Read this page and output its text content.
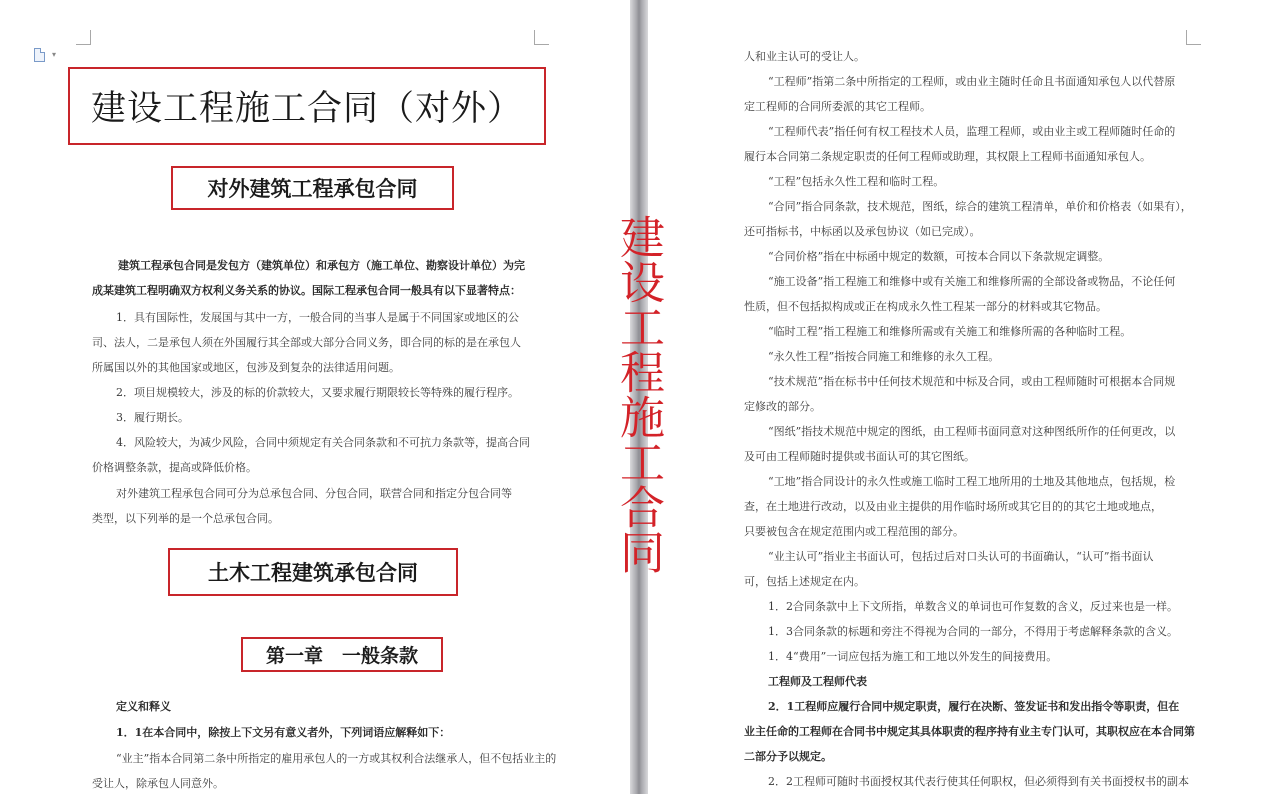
▾
建设工程施工合同（对外）
对外建筑工程承包合同
建筑工程承包合同是发包方（建筑单位）和承包方（施工单位、勘察设计单位）为完
成某建筑工程明确双方权利义务关系的协议。国际工程承包合同一般具有以下显著特点：
1．具有国际性，发展国与其中一方，一般合同的当事人是属于不同国家或地区的公
司、法人，二是承包人须在外国履行其全部或大部分合同义务，即合同的标的是在承包人
所属国以外的其他国家或地区，包涉及到复杂的法律适用问题。
2．项目规模较大，涉及的标的价款较大，又要求履行期限较长等特殊的履行程序。
3．履行期长。
4．风险较大，为减少风险，合同中须规定有关合同条款和不可抗力条款等，提高合同
价格调整条款，提高或降低价格。
对外建筑工程承包合同可分为总承包合同、分包合同，联营合同和指定分包合同等
类型，以下列举的是一个总承包合同。
土木工程建筑承包合同
第一章　一般条款
定义和释义
1．1在本合同中，除按上下文另有意义者外，下列词语应解释如下：
“业主”指本合同第二条中所指定的雇用承包人的一方或其权利合法继承人，但不包括业主的
受让人，除承包人同意外。
人和业主认可的受让人。
“工程师”指第二条中所指定的工程师，或由业主随时任命且书面通知承包人以代替原
定工程师的合同所委派的其它工程师。
“工程师代表”指任何有权工程技术人员，监理工程师，或由业主或工程师随时任命的
履行本合同第二条规定职责的任何工程师或助理，其权限上工程师书面通知承包人。
“工程”包括永久性工程和临时工程。
“合同”指合同条款，技术规范，图纸，综合的建筑工程清单，单价和价格表（如果有），
还可指标书，中标函以及承包协议（如已完成）。
“合同价格”指在中标函中规定的数额，可按本合同以下条款规定调整。
“施工设备”指工程施工和维修中或有关施工和维修所需的全部设备或物品，不论任何
性质，但不包括拟构成或正在构成永久性工程某一部分的材料或其它物品。
“临时工程”指工程施工和维修所需或有关施工和维修所需的各种临时工程。
“永久性工程”指按合同施工和维修的永久工程。
“技术规范”指在标书中任何技术规范和中标及合同，或由工程师随时可根据本合同规
定修改的部分。
“图纸”指技术规范中规定的图纸，由工程师书面同意对这种图纸所作的任何更改，以
及可由工程师随时提供或书面认可的其它图纸。
“工地”指合同设计的永久性或施工临时工程工地所用的土地及其他地点，包括规，检
查，在土地进行改动，以及由业主提供的用作临时场所或其它目的的其它土地或地点，
只要被包含在规定范围内或工程范围的部分。
“业主认可”指业主书面认可，包括过后对口头认可的书面确认，“认可”指书面认
可，包括上述规定在内。
1．2合同条款中上下文所指，单数含义的单词也可作复数的含义，反过来也是一样。
1．3合同条款的标题和旁注不得视为合同的一部分，不得用于考虑解释条款的含义。
1．4“费用”一词应包括为施工和工地以外发生的间接费用。
工程师及工程师代表
2．1工程师应履行合同中规定职责，履行在决断、签发证书和发出指令等职责，但在
业主任命的工程师在合同书中规定其具体职责的程序持有业主专门认可，其职权应在本合同第
二部分予以规定。
2．2工程师可随时书面授权其代表行使其任何职权，但必须得到有关书面授权书的副本
建设工程施工合同
